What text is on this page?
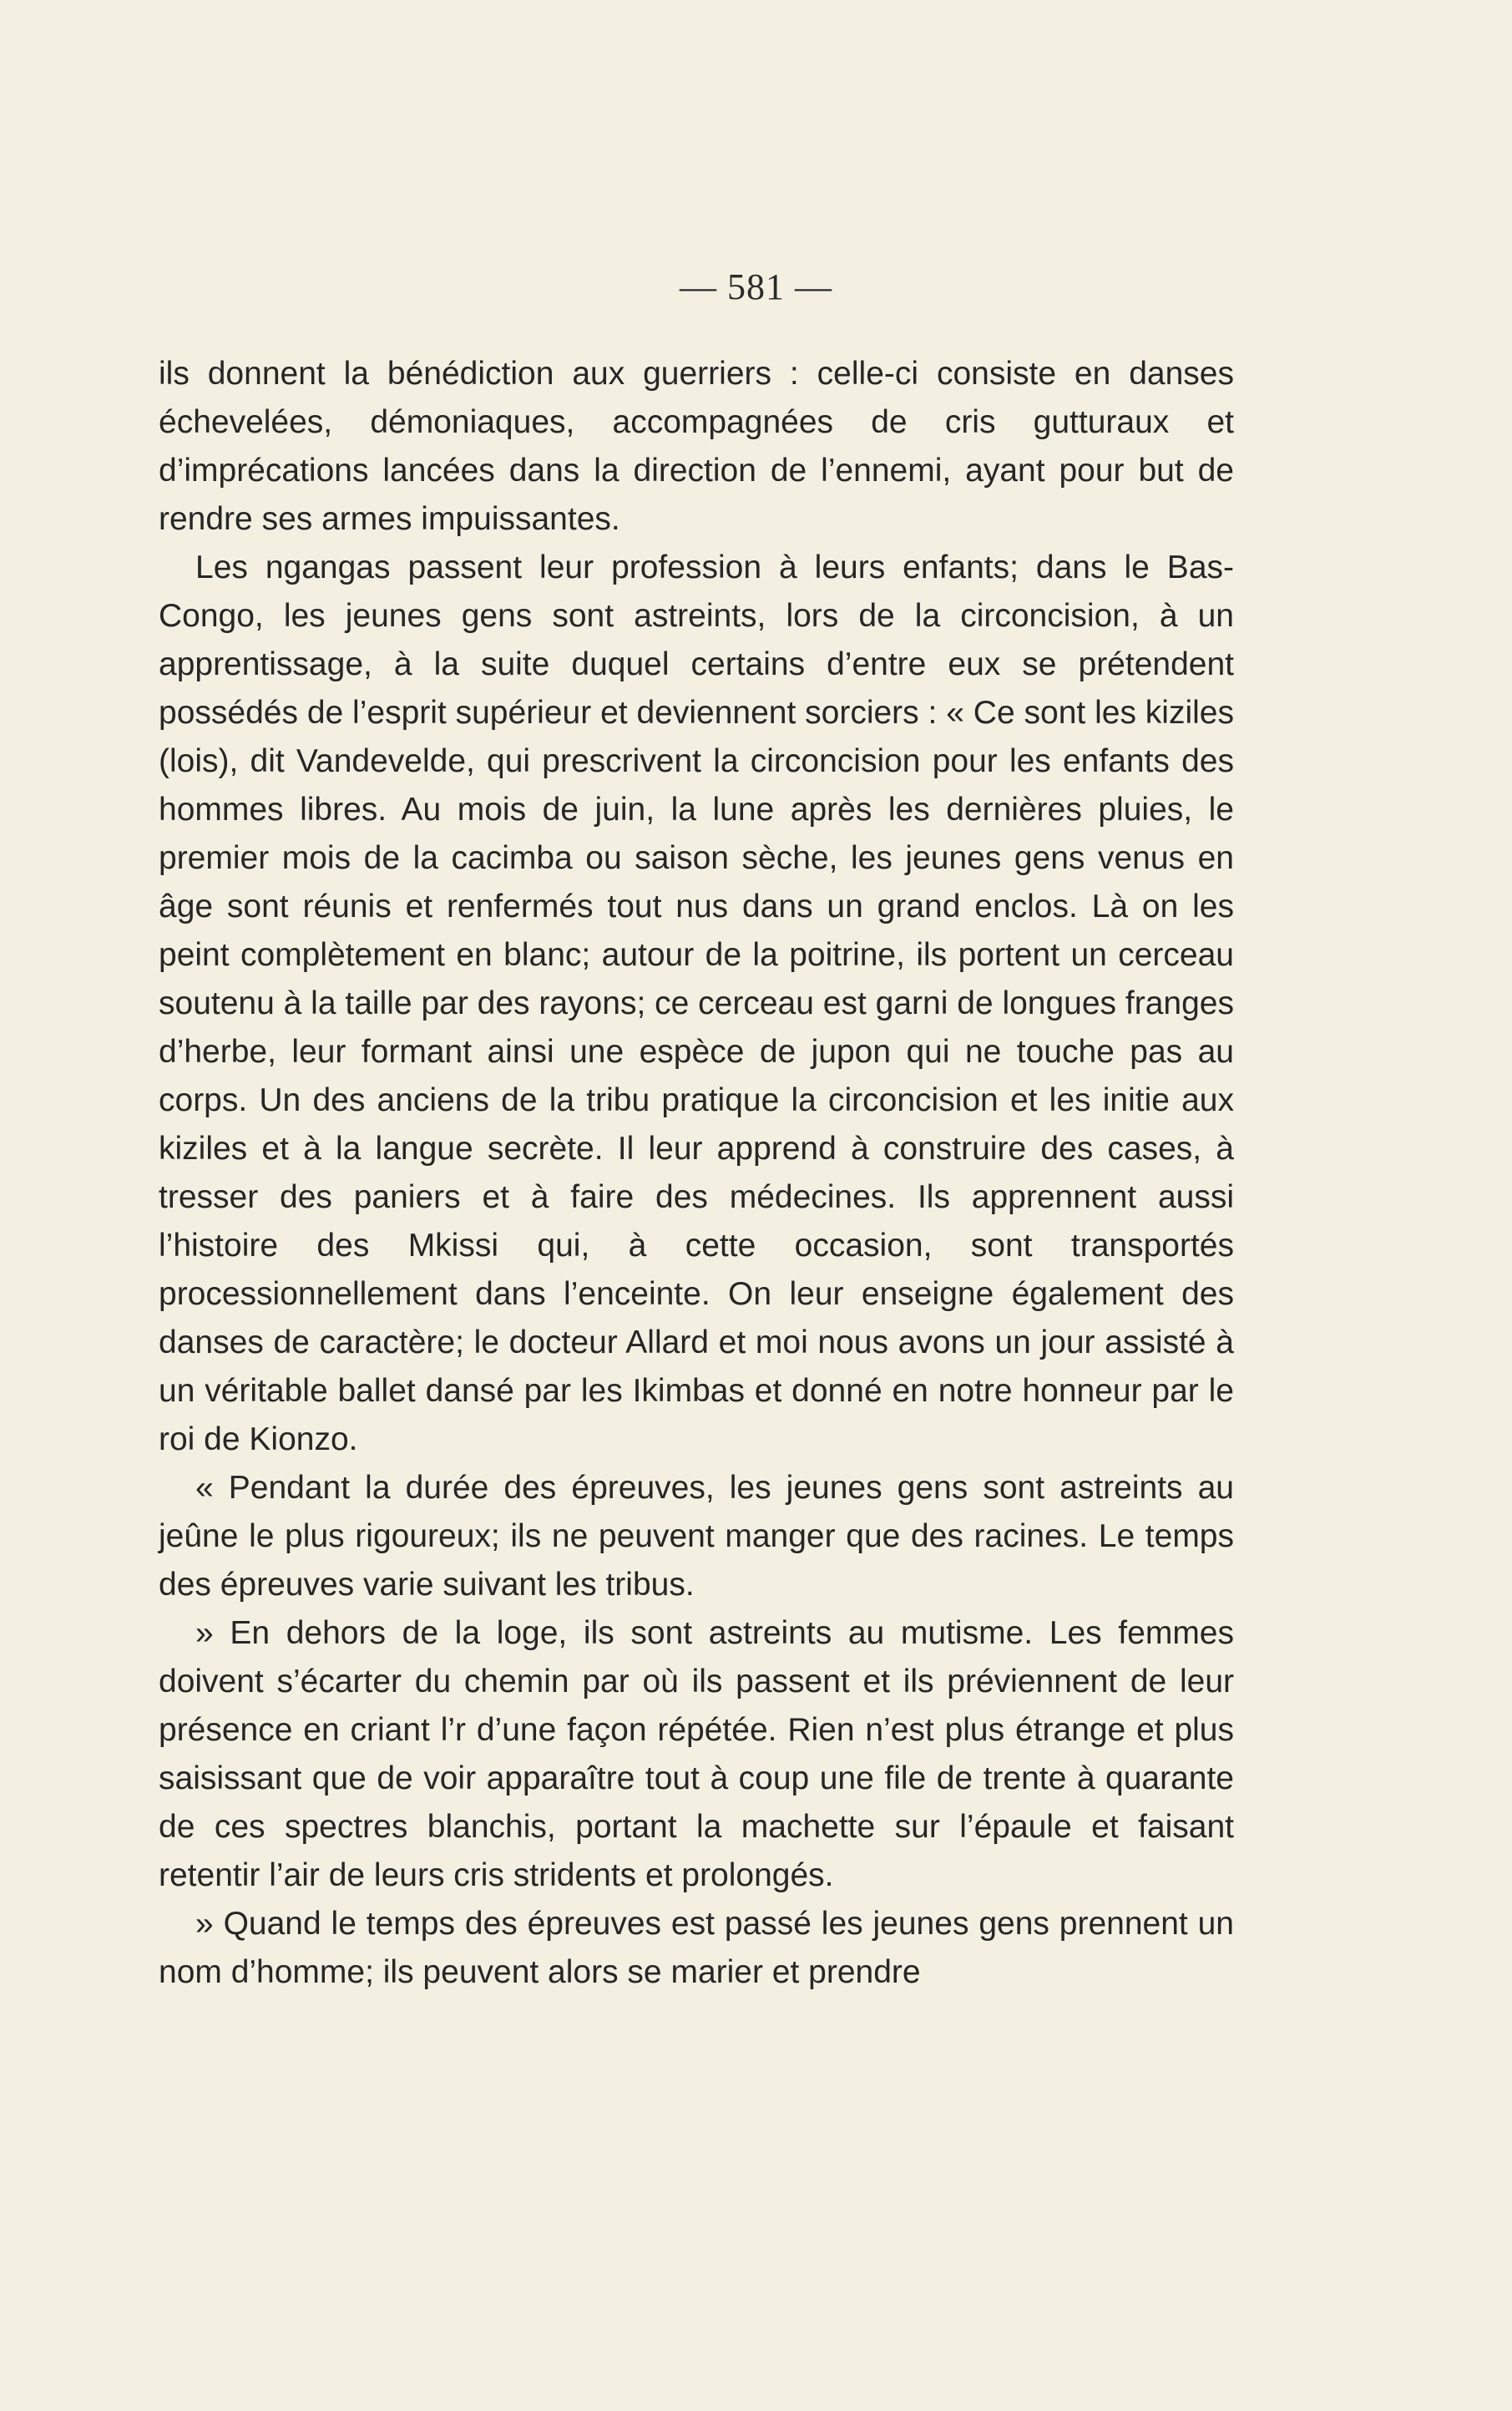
— 581 —

ils donnent la bénédiction aux guerriers : celle-ci consiste en danses échevelées, démoniaques, accompagnées de cris gutturaux et d’imprécations lancées dans la direction de l’ennemi, ayant pour but de rendre ses armes impuissantes.

Les ngangas passent leur profession à leurs enfants; dans le Bas-Congo, les jeunes gens sont astreints, lors de la circoncision, à un apprentissage, à la suite duquel certains d’entre eux se prétendent possédés de l’esprit supérieur et deviennent sorciers : « Ce sont les kiziles (lois), dit Vandevelde, qui prescrivent la circoncision pour les enfants des hommes libres. Au mois de juin, la lune après les dernières pluies, le premier mois de la cacimba ou saison sèche, les jeunes gens venus en âge sont réunis et renfermés tout nus dans un grand enclos. Là on les peint complètement en blanc; autour de la poitrine, ils portent un cerceau soutenu à la taille par des rayons; ce cerceau est garni de longues franges d’herbe, leur formant ainsi une espèce de jupon qui ne touche pas au corps. Un des anciens de la tribu pratique la circoncision et les initie aux kiziles et à la langue secrète. Il leur apprend à construire des cases, à tresser des paniers et à faire des médecines. Ils apprennent aussi l’histoire des Mkissi qui, à cette occasion, sont transportés processionnellement dans l’enceinte. On leur enseigne également des danses de caractère; le docteur Allard et moi nous avons un jour assisté à un véritable ballet dansé par les Ikimbas et donné en notre honneur par le roi de Kionzo.

« Pendant la durée des épreuves, les jeunes gens sont astreints au jeûne le plus rigoureux; ils ne peuvent manger que des racines. Le temps des épreuves varie suivant les tribus.

» En dehors de la loge, ils sont astreints au mutisme. Les femmes doivent s’écarter du chemin par où ils passent et ils préviennent de leur présence en criant l’r d’une façon répétée. Rien n’est plus étrange et plus saisissant que de voir apparaître tout à coup une file de trente à quarante de ces spectres blanchis, portant la machette sur l’épaule et faisant retentir l’air de leurs cris stridents et prolongés.

» Quand le temps des épreuves est passé les jeunes gens prennent un nom d’homme; ils peuvent alors se marier et prendre
